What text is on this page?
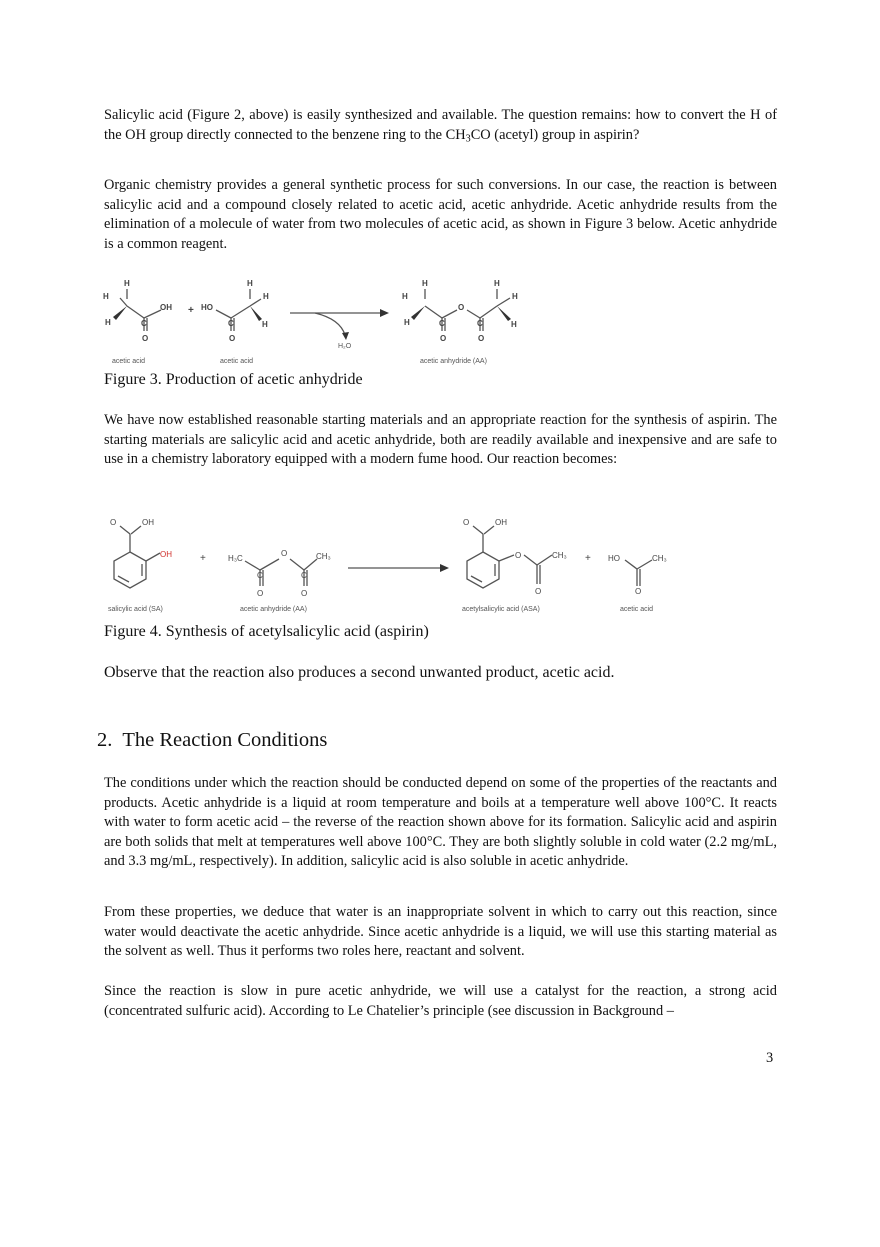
Salicylic acid (Figure 2, above) is easily synthesized and available. The question remains: how to convert the H of the OH group directly connected to the benzene ring to the $CH_3CO$ (acetyl) group in aspirin?

Organic chemistry provides a general synthetic process for such conversions. In our case, the reaction is between salicylic acid and a compound closely related to acetic acid, acetic anhydride. Acetic anhydride results from the elimination of a molecule of water from two molecules of acetic acid, as shown in Figure 3 below. Acetic anhydride is a common reagent.

H
H
H	C
OH
O
+ HO
C
O
H
H
H
H
H
H	C
O
O
C
O
H
H
H
H₂O
acetic acid	acetic acid	acetic anhydride (AA)

Figure 3. Production of acetic anhydride

We have now established reasonable starting materials and an appropriate reaction for the synthesis of aspirin. The starting materials are salicylic acid and acetic anhydride, both are readily available and inexpensive and are safe to use in a chemistry laboratory equipped with a modern fume hood. Our reaction becomes:

O	OH
OH	+	H₃C
C
O
O
C
O
CH₃
O	OH
O
O
CH₃ + HO
O
CH₃
salicylic acid (SA)	acetic anhydride (AA)	acetylsalicylic acid (ASA)	acetic acid

Figure 4. Synthesis of acetylsalicylic acid (aspirin)

Observe that the reaction also produces a second unwanted product, acetic acid.

2. The Reaction Conditions

The conditions under which the reaction should be conducted depend on some of the properties of the reactants and products. Acetic anhydride is a liquid at room temperature and boils at a temperature well above 100°C. It reacts with water to form acetic acid – the reverse of the reaction shown above for its formation. Salicylic acid and aspirin are both solids that melt at temperatures well above 100°C. They are both slightly soluble in cold water (2.2 mg/mL, and 3.3 mg/mL, respectively). In addition, salicylic acid is also soluble in acetic anhydride.

From these properties, we deduce that water is an inappropriate solvent in which to carry out this reaction, since water would deactivate the acetic anhydride. Since acetic anhydride is a liquid, we will use this starting material as the solvent as well. Thus it performs two roles here, reactant and solvent.

Since the reaction is slow in pure acetic anhydride, we will use a catalyst for the reaction, a strong acid (concentrated sulfuric acid). According to Le Chatelier’s principle (see discussion in Background –

3
